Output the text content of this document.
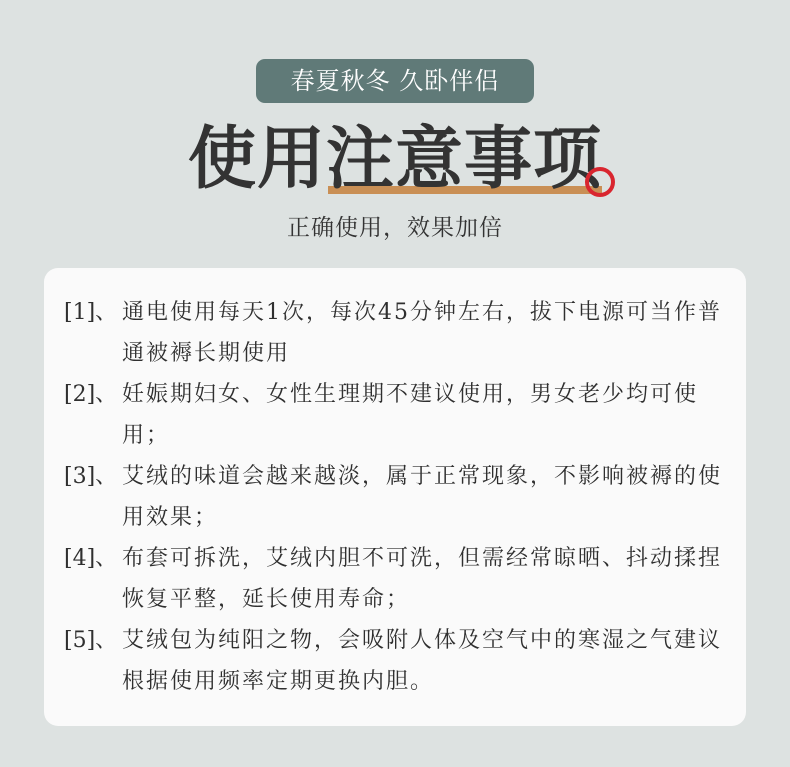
春夏秋冬 久卧伴侣
使用注意事项
正确使用，效果加倍
[1]、 通电使用每天1次，每次45分钟左右，拔下电源可当作普通被褥长期使用
[2]、 妊娠期妇女、女性生理期不建议使用，男女老少均可使用；
[3]、 艾绒的味道会越来越淡，属于正常现象，不影响被褥的使用效果；
[4]、 布套可拆洗，艾绒内胆不可洗，但需经常晾晒、抖动揉捏恢复平整，延长使用寿命；
[5]、 艾绒包为纯阳之物，会吸附人体及空气中的寒湿之气建议根据使用频率定期更换内胆。
